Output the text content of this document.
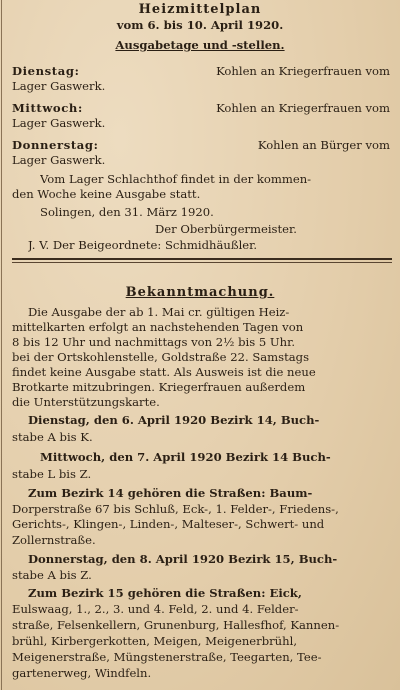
Heizmittelplan
vom 6. bis 10. April 1920.
Ausgabetage und -stellen.
Dienstag:	Kohlen an Kriegerfrauen vom
Lager Gaswerk.
Mittwoch:	Kohlen an Kriegerfrauen vom
Lager Gaswerk.
Donnerstag:	Kohlen an Bürger vom
Lager Gaswerk.
Vom Lager Schlachthof findet in der kommen-
den Woche keine Ausgabe statt.
Solingen, den 31. März 1920.
Der Oberbürgermeister.
J. V. Der Beigeordnete: Schmidhäußler.
Bekanntmachung.
Die Ausgabe der ab 1. Mai cr. gültigen Heiz-
mittelkarten erfolgt an nachstehenden Tagen von
8 bis 12 Uhr und nachmittags von 2½ bis 5 Uhr.
bei der Ortskohlenstelle, Goldstraße 22. Samstags
findet keine Ausgabe statt. Als Ausweis ist die neue
Brotkarte mitzubringen. Kriegerfrauen außerdem
die Unterstützungskarte.
Dienstag, den 6. April 1920 Bezirk 14, Buch-
stabe A bis K.
Mittwoch, den 7. April 1920 Bezirk 14 Buch-
stabe L bis Z.
Zum Bezirk 14 gehören die Straßen: Baum-
Dorperstraße 67 bis Schluß, Eck-, 1. Felder-, Friedens-,
Gerichts-, Klingen-, Linden-, Malteser-, Schwert- und
Zollernstraße.
Donnerstag, den 8. April 1920 Bezirk 15, Buch-
stabe A bis Z.
Zum Bezirk 15 gehören die Straßen: Eick,
Eulswaag, 1., 2., 3. und 4. Feld, 2. und 4. Felder-
straße, Felsenkellern, Grunenburg, Hallesfhof, Kannen-
brühl, Kirbergerkotten, Meigen, Meigenerbrühl,
Meigenerstraße, Müngstenerstraße, Teegarten, Tee-
gartenerweg, Windfeln.
